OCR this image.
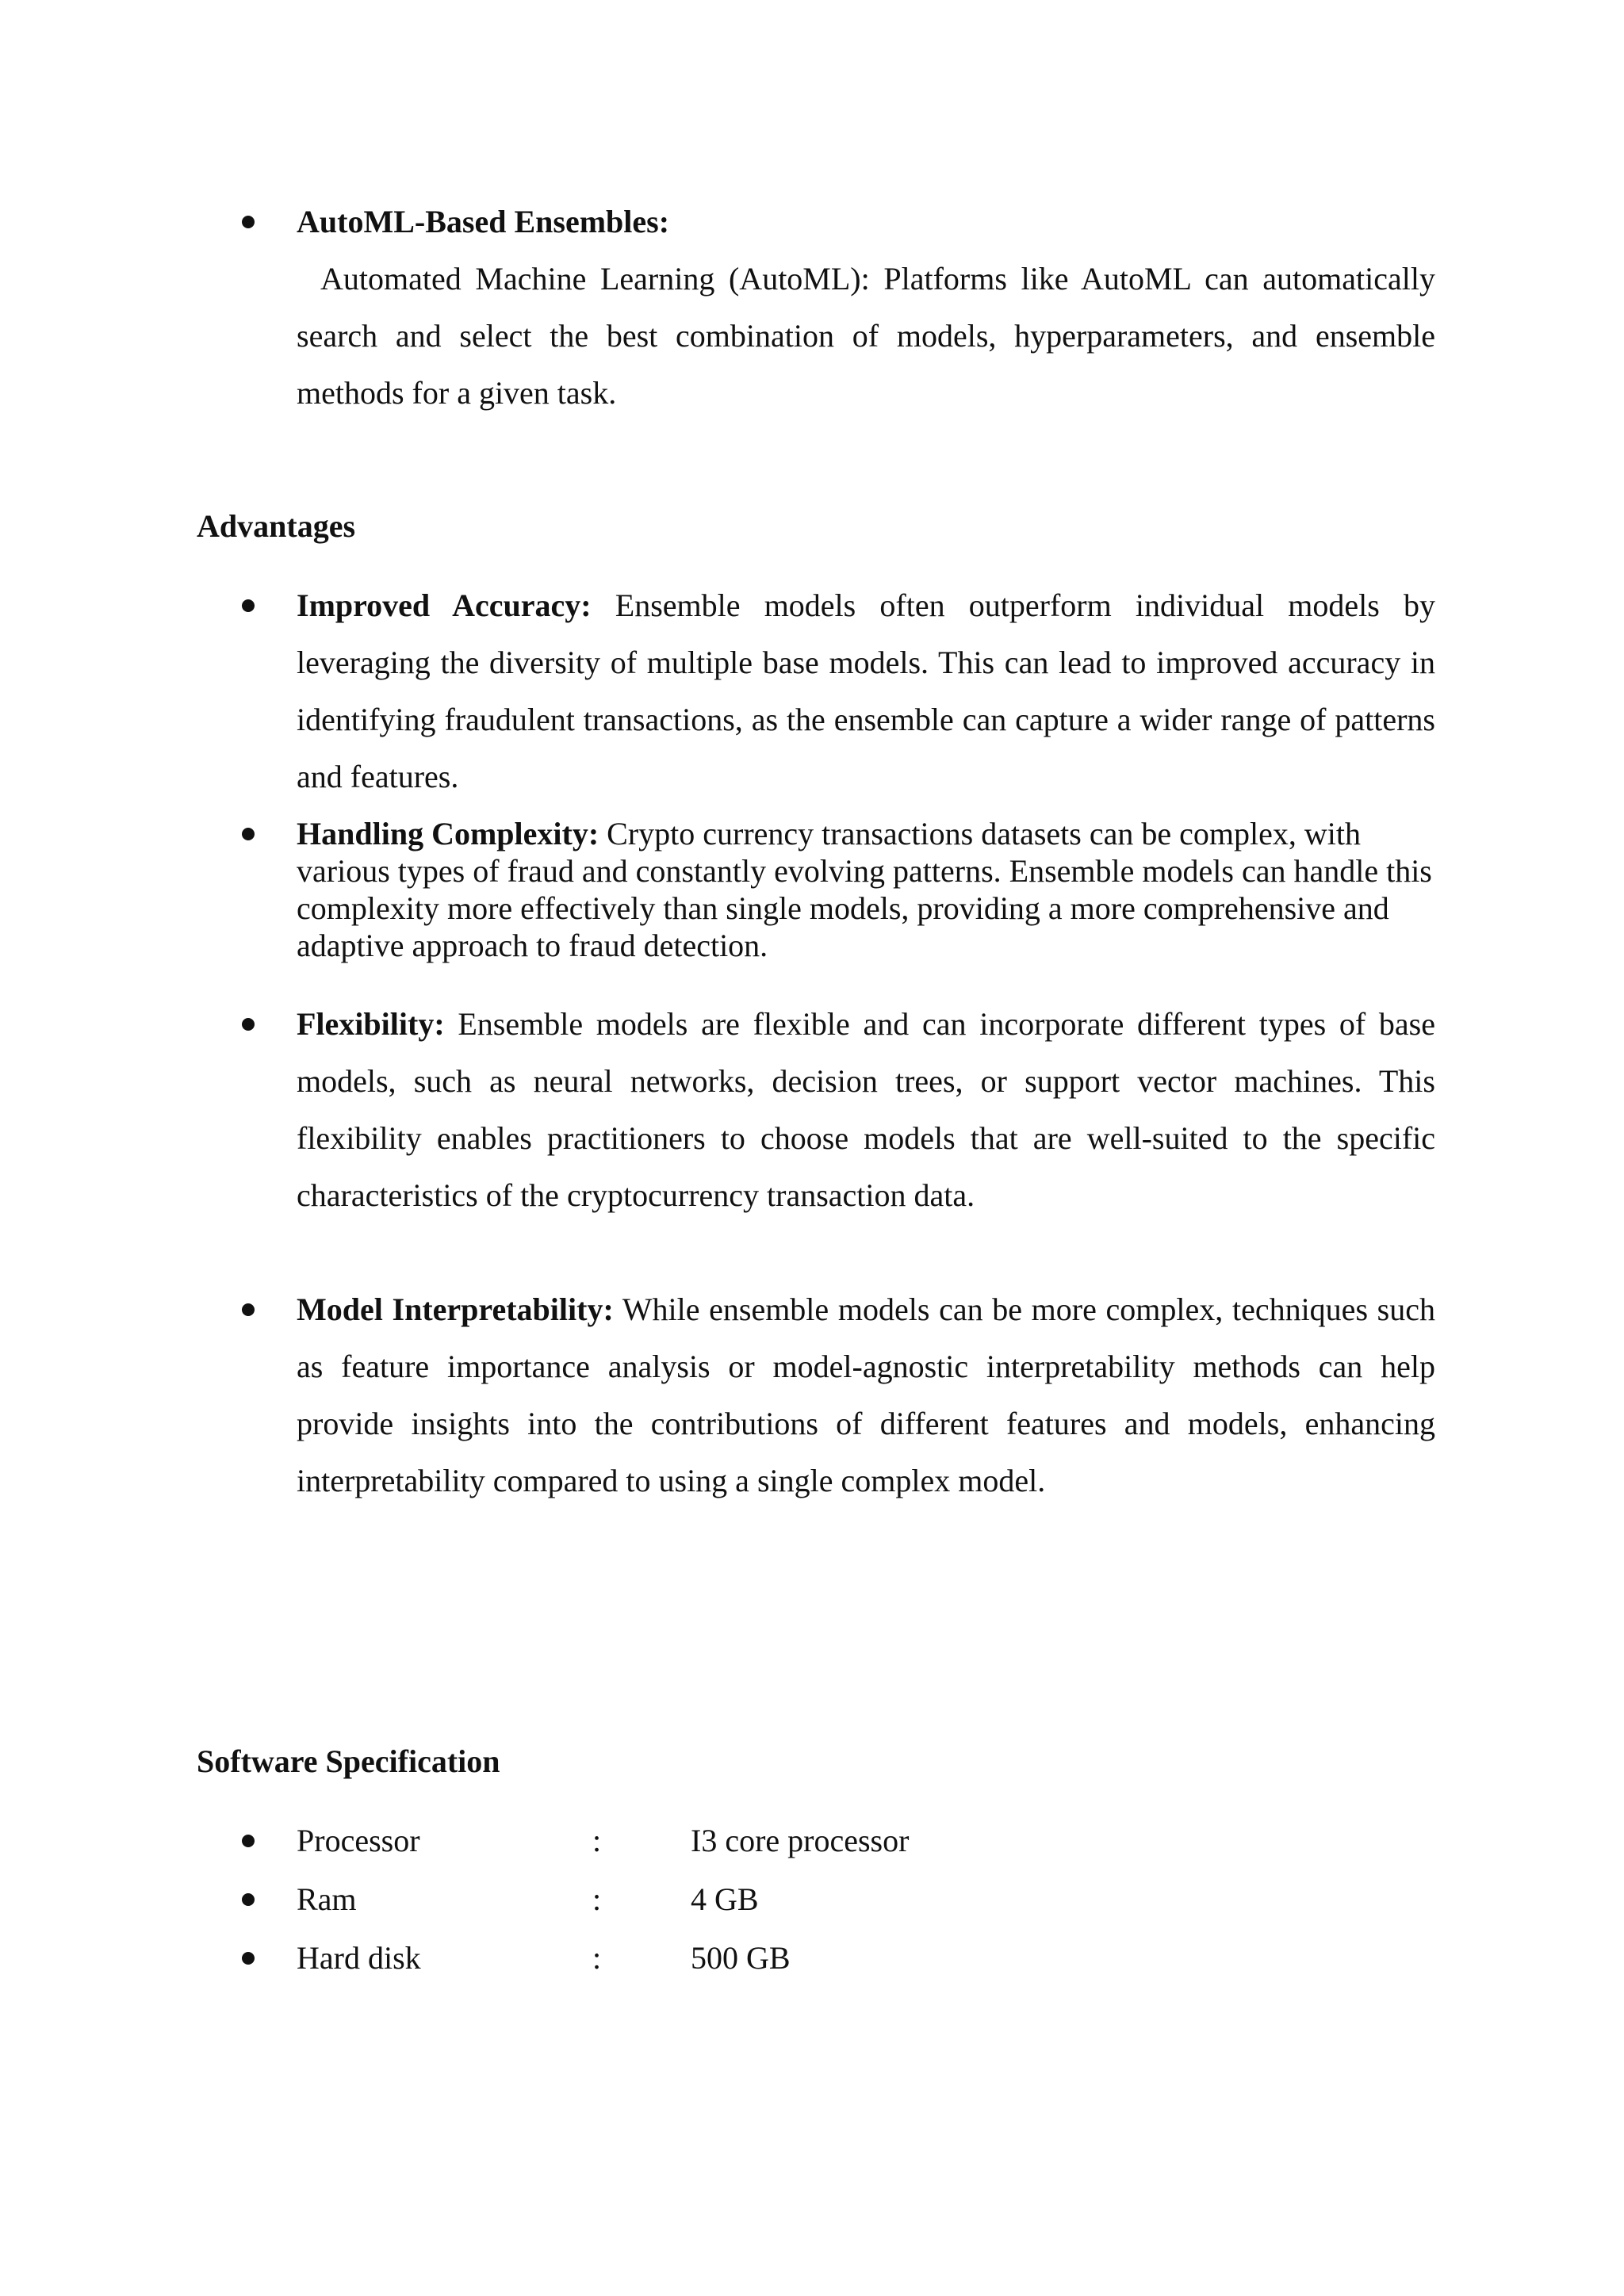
AutoML-Based Ensembles:
Automated Machine Learning (AutoML): Platforms like AutoML can automatically search and select the best combination of models, hyperparameters, and ensemble methods for a given task.
Advantages
Improved Accuracy: Ensemble models often outperform individual models by leveraging the diversity of multiple base models. This can lead to improved accuracy in identifying fraudulent transactions, as the ensemble can capture a wider range of patterns and features.
Handling Complexity: Crypto currency transactions datasets can be complex, with various types of fraud and constantly evolving patterns. Ensemble models can handle this complexity more effectively than single models, providing a more comprehensive and adaptive approach to fraud detection.
Flexibility: Ensemble models are flexible and can incorporate different types of base models, such as neural networks, decision trees, or support vector machines. This flexibility enables practitioners to choose models that are well-suited to the specific characteristics of the cryptocurrency transaction data.
Model Interpretability: While ensemble models can be more complex, techniques such as feature importance analysis or model-agnostic interpretability methods can help provide insights into the contributions of different features and models, enhancing interpretability compared to using a single complex model.
Software Specification
Processor	:	I3 core processor
Ram	:	4 GB
Hard disk	:	500 GB
